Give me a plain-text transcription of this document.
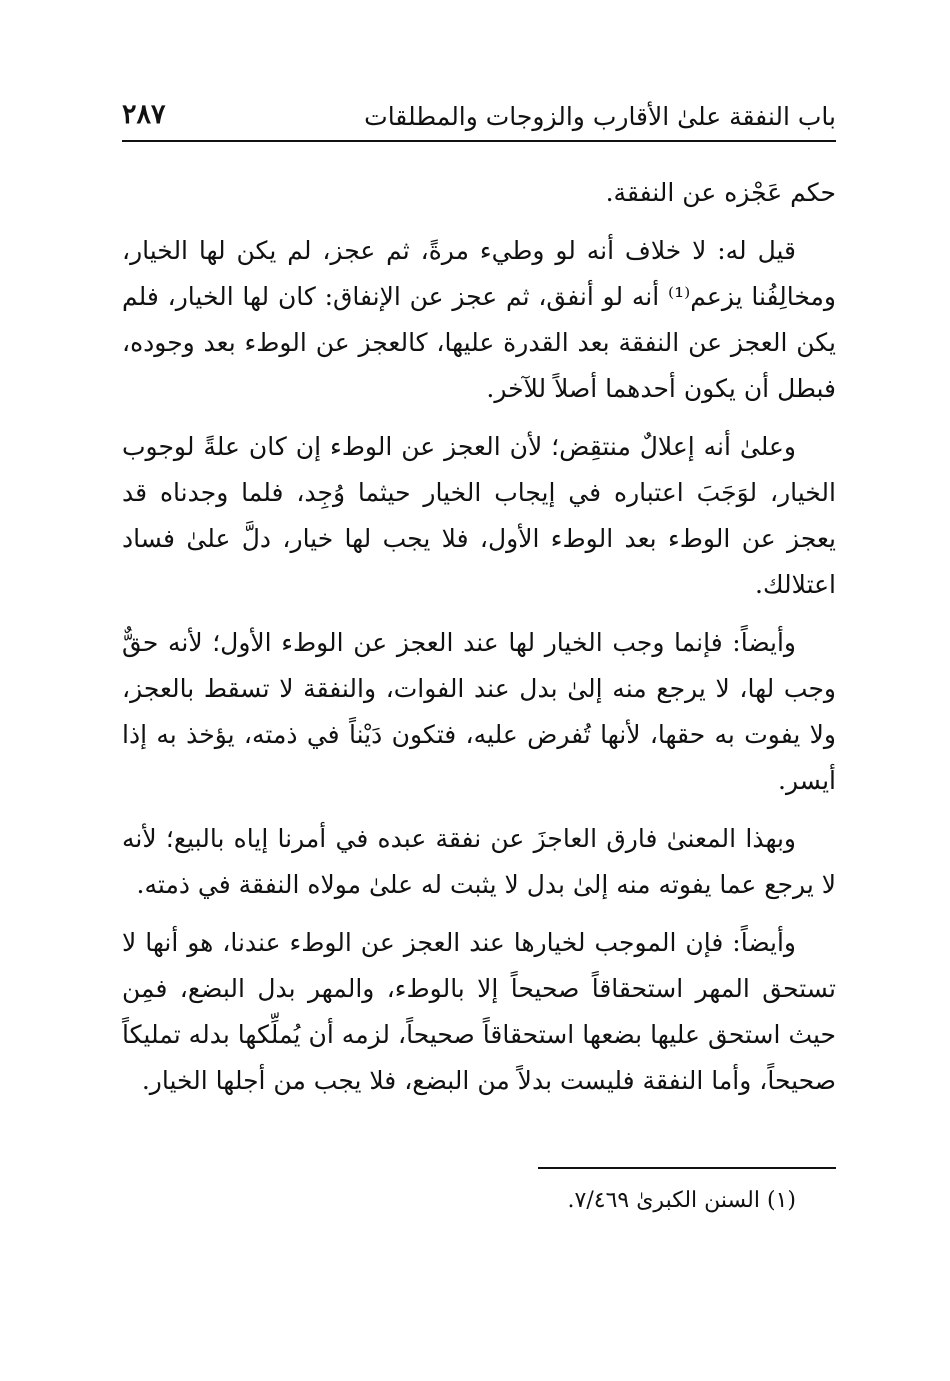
باب النفقة علىٰ الأقارب والزوجات والمطلقات
٢٨٧

حكم عَجْزه عن النفقة.

قيل له: لا خلاف أنه لو وطيء مرةً، ثم عجز، لم يكن لها الخيار، ومخالِفُنا يزعم⁽¹⁾ أنه لو أنفق، ثم عجز عن الإنفاق: كان لها الخيار، فلم يكن العجز عن النفقة بعد القدرة عليها، كالعجز عن الوطء بعد وجوده، فبطل أن يكون أحدهما أصلاً للآخر.

وعلىٰ أنه إعلالٌ منتقِض؛ لأن العجز عن الوطء إن كان علةً لوجوب الخيار، لوَجَبَ اعتباره في إيجاب الخيار حيثما وُجِد، فلما وجدناه قد يعجز عن الوطء بعد الوطء الأول، فلا يجب لها خيار، دلَّ علىٰ فساد اعتلالك.

وأيضاً: فإنما وجب الخيار لها عند العجز عن الوطء الأول؛ لأنه حقٌّ وجب لها، لا يرجع منه إلىٰ بدل عند الفوات، والنفقة لا تسقط بالعجز، ولا يفوت به حقها، لأنها تُفرض عليه، فتكون دَيْناً في ذمته، يؤخذ به إذا أيسر.

وبهذا المعنىٰ فارق العاجزَ عن نفقة عبده في أمرنا إياه بالبيع؛ لأنه لا يرجع عما يفوته منه إلىٰ بدل لا يثبت له علىٰ مولاه النفقة في ذمته.

وأيضاً: فإن الموجب لخيارها عند العجز عن الوطء عندنا، هو أنها لا تستحق المهر استحقاقاً صحيحاً إلا بالوطء، والمهر بدل البضع، فمِن حيث استحق عليها بضعها استحقاقاً صحيحاً، لزمه أن يُملِّكها بدله تمليكاً صحيحاً، وأما النفقة فليست بدلاً من البضع، فلا يجب من أجلها الخيار.

(١) السنن الكبرىٰ ٧/٤٦٩.
